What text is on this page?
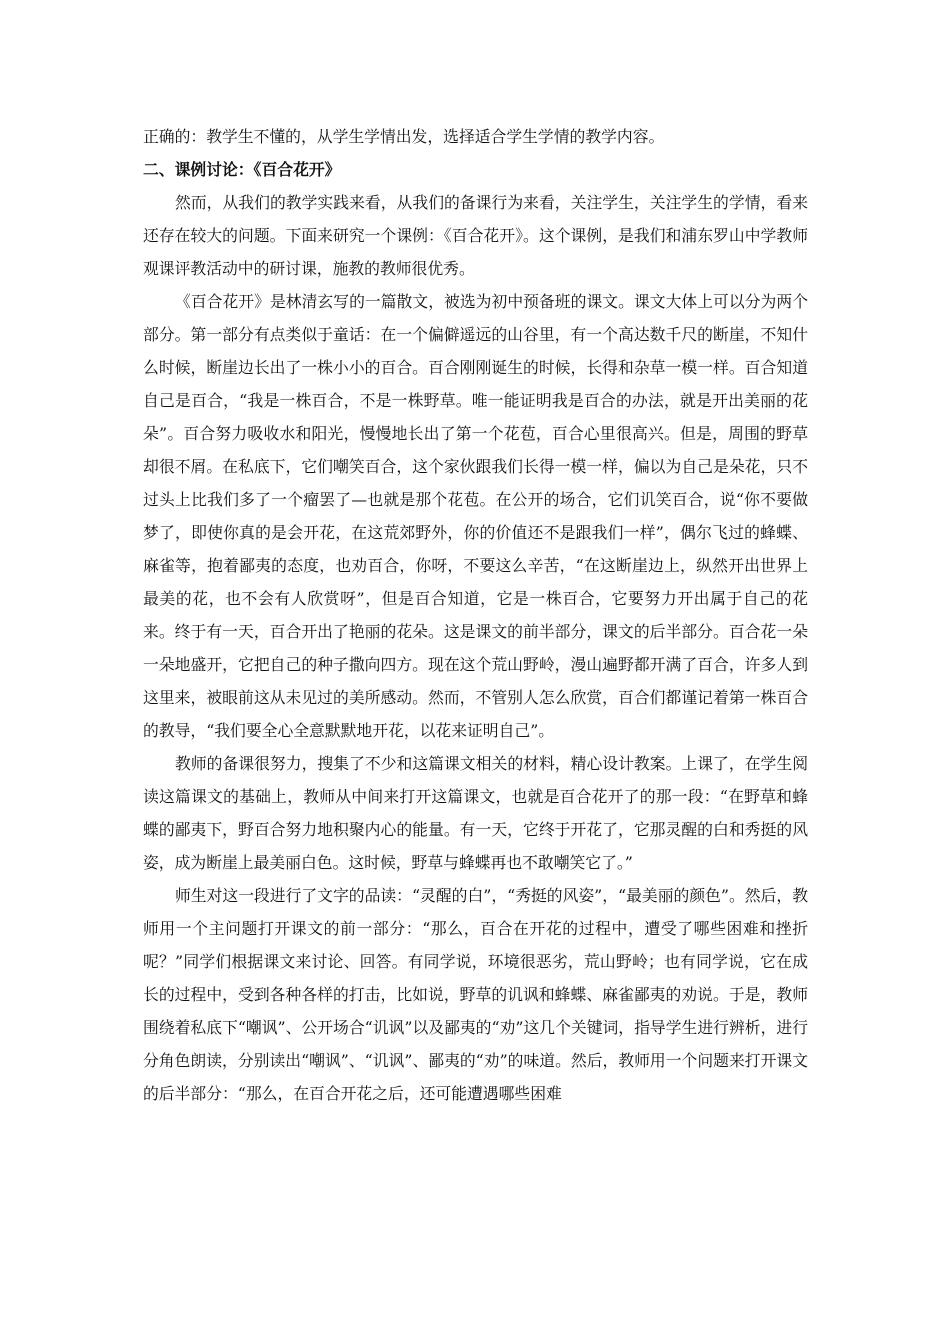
正确的：教学生不懂的，从学生学情出发，选择适合学生学情的教学内容。

二、课例讨论：《百合花开》

然而，从我们的教学实践来看，从我们的备课行为来看，关注学生，关注学生的学情，看来还存在较大的问题。下面来研究一个课例：《百合花开》。这个课例，是我们和浦东罗山中学教师观课评教活动中的研讨课，施教的教师很优秀。

《百合花开》是林清玄写的一篇散文，被选为初中预备班的课文。课文大体上可以分为两个部分。第一部分有点类似于童话：在一个偏僻遥远的山谷里，有一个高达数千尺的断崖，不知什么时候，断崖边长出了一株小小的百合。百合刚刚诞生的时候，长得和杂草一模一样。百合知道自己是百合，“我是一株百合，不是一株野草。唯一能证明我是百合的办法，就是开出美丽的花朵”。百合努力吸收水和阳光，慢慢地长出了第一个花苞，百合心里很高兴。但是，周围的野草却很不屑。在私底下，它们嘲笑百合，这个家伙跟我们长得一模一样，偏以为自己是朵花，只不过头上比我们多了一个瘤罢了—也就是那个花苞。在公开的场合，它们讥笑百合，说“你不要做梦了，即使你真的是会开花，在这荒郊野外，你的价值还不是跟我们一样”，偶尔飞过的蜂蝶、麻雀等，抱着鄙夷的态度，也劝百合，你呀，不要这么辛苦，“在这断崖边上，纵然开出世界上最美的花，也不会有人欣赏呀”，但是百合知道，它是一株百合，它要努力开出属于自己的花来。终于有一天，百合开出了艳丽的花朵。这是课文的前半部分，课文的后半部分。百合花一朵一朵地盛开，它把自己的种子撒向四方。现在这个荒山野岭，漫山遍野都开满了百合，许多人到这里来，被眼前这从未见过的美所感动。然而，不管别人怎么欣赏，百合们都谨记着第一株百合的教导，“我们要全心全意默默地开花，以花来证明自己”。

教师的备课很努力，搜集了不少和这篇课文相关的材料，精心设计教案。上课了，在学生阅读这篇课文的基础上，教师从中间来打开这篇课文，也就是百合花开了的那一段：“在野草和蜂蝶的鄙夷下，野百合努力地积聚内心的能量。有一天，它终于开花了，它那灵醒的白和秀挺的风姿，成为断崖上最美丽白色。这时候，野草与蜂蝶再也不敢嘲笑它了。”

师生对这一段进行了文字的品读：“灵醒的白”，“秀挺的风姿”，“最美丽的颜色”。然后，教师用一个主问题打开课文的前一部分：“那么，百合在开花的过程中，遭受了哪些困难和挫折呢？”同学们根据课文来讨论、回答。有同学说，环境很恶劣，荒山野岭；也有同学说，它在成长的过程中，受到各种各样的打击，比如说，野草的讥讽和蜂蝶、麻雀鄙夷的劝说。于是，教师围绕着私底下“嘲讽”、公开场合“讥讽”以及鄙夷的“劝”这几个关键词，指导学生进行辨析，进行分角色朗读，分别读出“嘲讽”、“讥讽”、鄙夷的“劝”的味道。然后，教师用一个问题来打开课文的后半部分：“那么，在百合开花之后，还可能遭遇哪些困难
